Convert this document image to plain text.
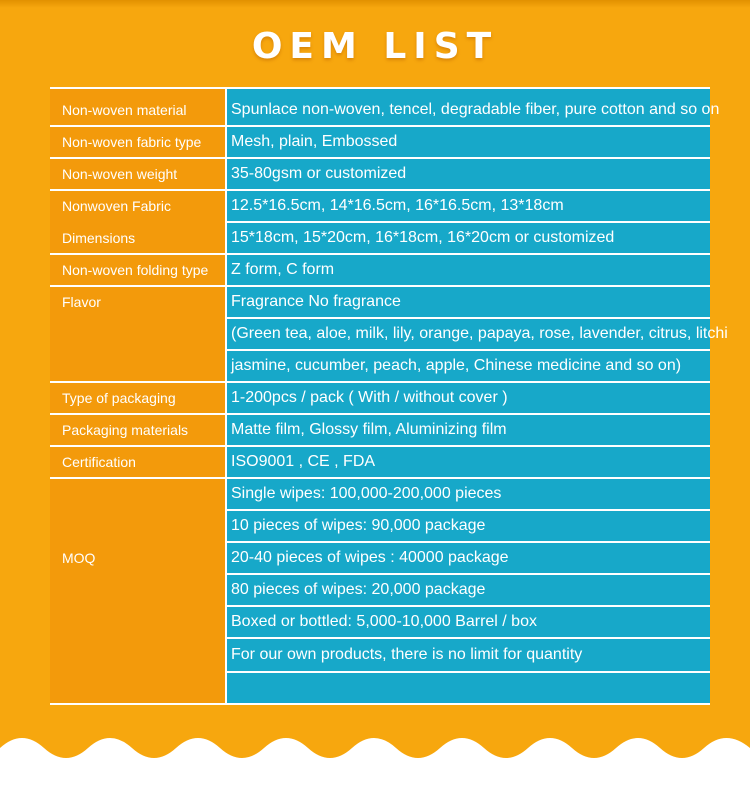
OEM LIST
Non-woven material
Non-woven fabric type
Non-woven weight
Nonwoven Fabric
Dimensions
Non-woven folding type
Flavor
Type of packaging
Packaging materials
Certification
MOQ
Spunlace non-woven, tencel, degradable fiber, pure cotton and so on
Mesh, plain, Embossed
35-80gsm or customized
12.5*16.5cm, 14*16.5cm, 16*16.5cm, 13*18cm
15*18cm, 15*20cm, 16*18cm, 16*20cm or customized
Z form, C form
Fragrance No fragrance
(Green tea, aloe, milk, lily, orange, papaya, rose, lavender, citrus, litchi
jasmine, cucumber, peach, apple, Chinese medicine and so on)
1-200pcs / pack ( With / without cover )
Matte film, Glossy film, Aluminizing film
ISO9001 , CE , FDA
Single wipes: 100,000-200,000 pieces
10 pieces of wipes: 90,000 package
20-40 pieces of wipes : 40000 package
80 pieces of wipes: 20,000 package
Boxed or bottled: 5,000-10,000 Barrel / box
For our own products, there is no limit for quantity
